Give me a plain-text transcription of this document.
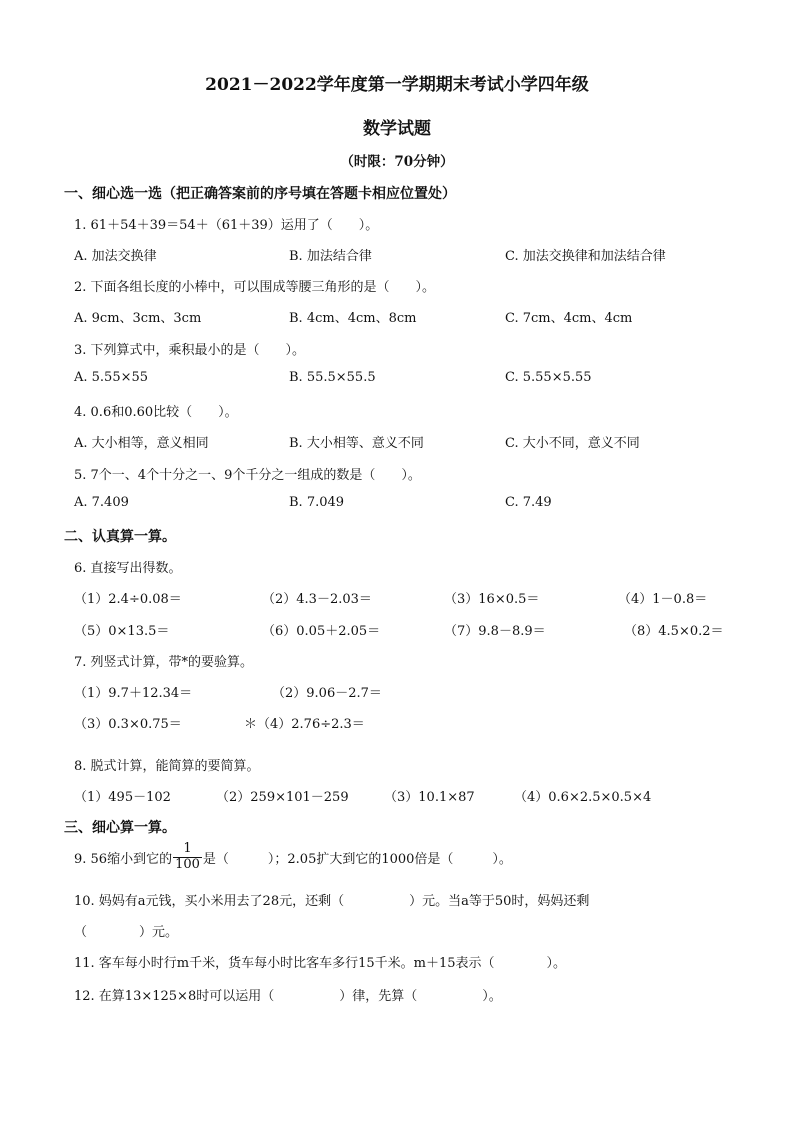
2021－2022学年度第一学期期末考试小学四年级
数学试题
（时限：70分钟）
一、细心选一选（把正确答案前的序号填在答题卡相应位置处）
1. 61＋54＋39＝54＋（61＋39）运用了（　　）。
A. 加法交换律	B. 加法结合律	C. 加法交换律和加法结合律
2. 下面各组长度的小棒中，可以围成等腰三角形的是（　　）。
A. 9cm、3cm、3cm	B. 4cm、4cm、8cm	C. 7cm、4cm、4cm
3. 下列算式中，乘积最小的是（　　）。
A. 5.55×55	B. 55.5×55.5	C. 5.55×5.55
4. 0.6和0.60比较（　　）。
A. 大小相等，意义相同	B. 大小相等、意义不同	C. 大小不同，意义不同
5. 7个一、4个十分之一、9个千分之一组成的数是（　　）。
A. 7.409	B. 7.049	C. 7.49
二、认真算一算。
6. 直接写出得数。
（1）2.4÷0.08＝	（2）4.3－2.03＝	（3）16×0.5＝	（4）1－0.8＝
（5）0×13.5＝	（6）0.05＋2.05＝	（7）9.8－8.9＝	（8）4.5×0.2＝
7. 列竖式计算，带*的要验算。
（1）9.7＋12.34＝	（2）9.06－2.7＝
（3）0.3×0.75＝	＊（4）2.76÷2.3＝
8. 脱式计算，能简算的要简算。
（1）495－102	（2）259×101－259	（3）10.1×87	（4）0.6×2.5×0.5×4
三、细心算一算。
9. 56缩小到它的 $\frac{1}{100}$ 是（　　　）；2.05扩大到它的1000倍是（　　　）。
10. 妈妈有a元钱，买小米用去了28元，还剩（　　　　　）元。当a等于50时，妈妈还剩
（　　　　）元。
11. 客车每小时行m千米，货车每小时比客车多行15千米。m＋15表示（　　　　）。
12. 在算13×125×8时可以运用（　　　　　）律，先算（　　　　　）。
